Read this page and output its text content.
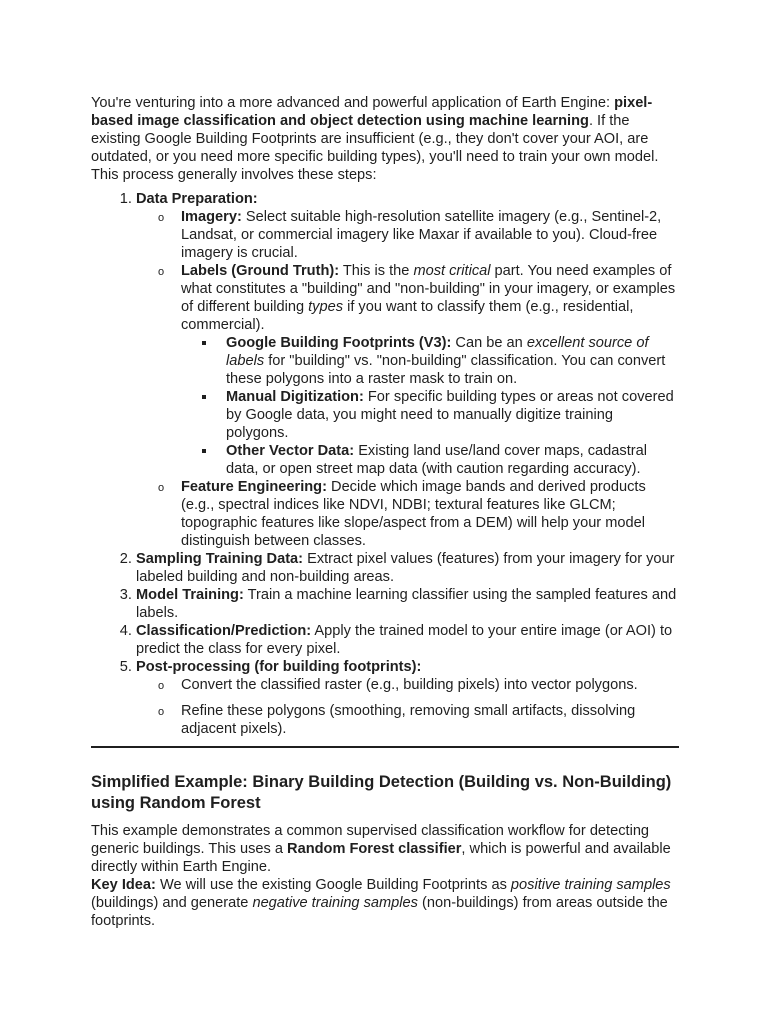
You're venturing into a more advanced and powerful application of Earth Engine: pixel-based image classification and object detection using machine learning. If the existing Google Building Footprints are insufficient (e.g., they don't cover your AOI, are outdated, or you need more specific building types), you'll need to train your own model. This process generally involves these steps:

1. Data Preparation:
o Imagery: Select suitable high-resolution satellite imagery (e.g., Sentinel-2, Landsat, or commercial imagery like Maxar if available to you). Cloud-free imagery is crucial.
o Labels (Ground Truth): This is the most critical part. You need examples of what constitutes a "building" and "non-building" in your imagery, or examples of different building types if you want to classify them (e.g., residential, commercial).
Google Building Footprints (V3): Can be an excellent source of labels for "building" vs. "non-building" classification. You can convert these polygons into a raster mask to train on.
Manual Digitization: For specific building types or areas not covered by Google data, you might need to manually digitize training polygons.
Other Vector Data: Existing land use/land cover maps, cadastral data, or open street map data (with caution regarding accuracy).
o Feature Engineering: Decide which image bands and derived products (e.g., spectral indices like NDVI, NDBI; textural features like GLCM; topographic features like slope/aspect from a DEM) will help your model distinguish between classes.
2. Sampling Training Data: Extract pixel values (features) from your imagery for your labeled building and non-building areas.
3. Model Training: Train a machine learning classifier using the sampled features and labels.
4. Classification/Prediction: Apply the trained model to your entire image (or AOI) to predict the class for every pixel.
5. Post-processing (for building footprints):
o Convert the classified raster (e.g., building pixels) into vector polygons.
o Refine these polygons (smoothing, removing small artifacts, dissolving adjacent pixels).
Simplified Example: Binary Building Detection (Building vs. Non-Building) using Random Forest

This example demonstrates a common supervised classification workflow for detecting generic buildings. This uses a Random Forest classifier, which is powerful and available directly within Earth Engine.

Key Idea: We will use the existing Google Building Footprints as positive training samples (buildings) and generate negative training samples (non-buildings) from areas outside the footprints.
